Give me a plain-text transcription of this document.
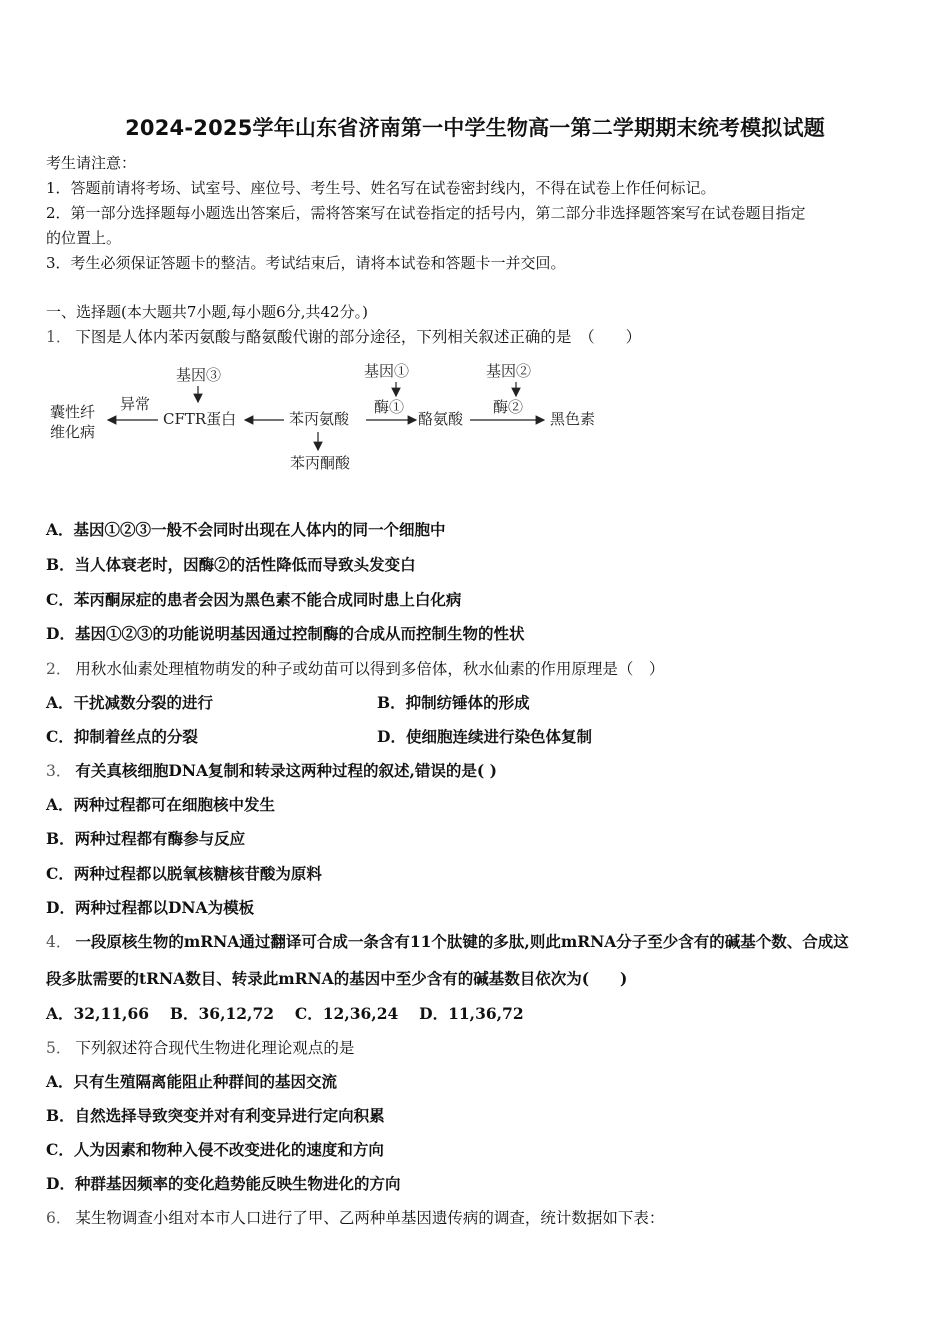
2024-2025学年山东省济南第一中学生物高一第二学期期末统考模拟试题
考生请注意：
1．答题前请将考场、试室号、座位号、考生号、姓名写在试卷密封线内，不得在试卷上作任何标记。
2．第一部分选择题每小题选出答案后，需将答案写在试卷指定的括号内，第二部分非选择题答案写在试卷题目指定
的位置上。
3．考生必须保证答题卡的整洁。考试结束后，请将本试卷和答题卡一并交回。
一、选择题(本大题共7小题,每小题6分,共42分。)
1． 下图是人体内苯丙氨酸与酪氨酸代谢的部分途径，下列相关叙述正确的是　（　　）
基因③
囊性纤
维化病
异常
CFTR蛋白	苯丙氨酸
苯丙酮酸
基因①
酶①
酪氨酸
基因②
酶②
黑色素
A．基因①②③一般不会同时出现在人体内的同一个细胞中
B．当人体衰老时，因酶②的活性降低而导致头发变白
C．苯丙酮尿症的患者会因为黑色素不能合成同时患上白化病
D．基因①②③的功能说明基因通过控制酶的合成从而控制生物的性状
2． 用秋水仙素处理植物萌发的种子或幼苗可以得到多倍体，秋水仙素的作用原理是（　）
A．干扰减数分裂的进行	B．抑制纺锤体的形成
C．抑制着丝点的分裂	D．使细胞连续进行染色体复制
3． 有关真核细胞DNA复制和转录这两种过程的叙述,错误的是( )
A．两种过程都可在细胞核中发生
B．两种过程都有酶参与反应
C．两种过程都以脱氧核糖核苷酸为原料
D．两种过程都以DNA为模板
4． 一段原核生物的mRNA通过翻译可合成一条含有11个肽键的多肽,则此mRNA分子至少含有的碱基个数、合成这
段多肽需要的tRNA数目、转录此mRNA的基因中至少含有的碱基数目依次为(　　)
A．32,11,66　 B．36,12,72　 C．12,36,24　 D．11,36,72
5． 下列叙述符合现代生物进化理论观点的是
A．只有生殖隔离能阻止种群间的基因交流
B．自然选择导致突变并对有利变异进行定向积累
C．人为因素和物种入侵不改变进化的速度和方向
D．种群基因频率的变化趋势能反映生物进化的方向
6． 某生物调查小组对本市人口进行了甲、乙两种单基因遗传病的调查，统计数据如下表：
